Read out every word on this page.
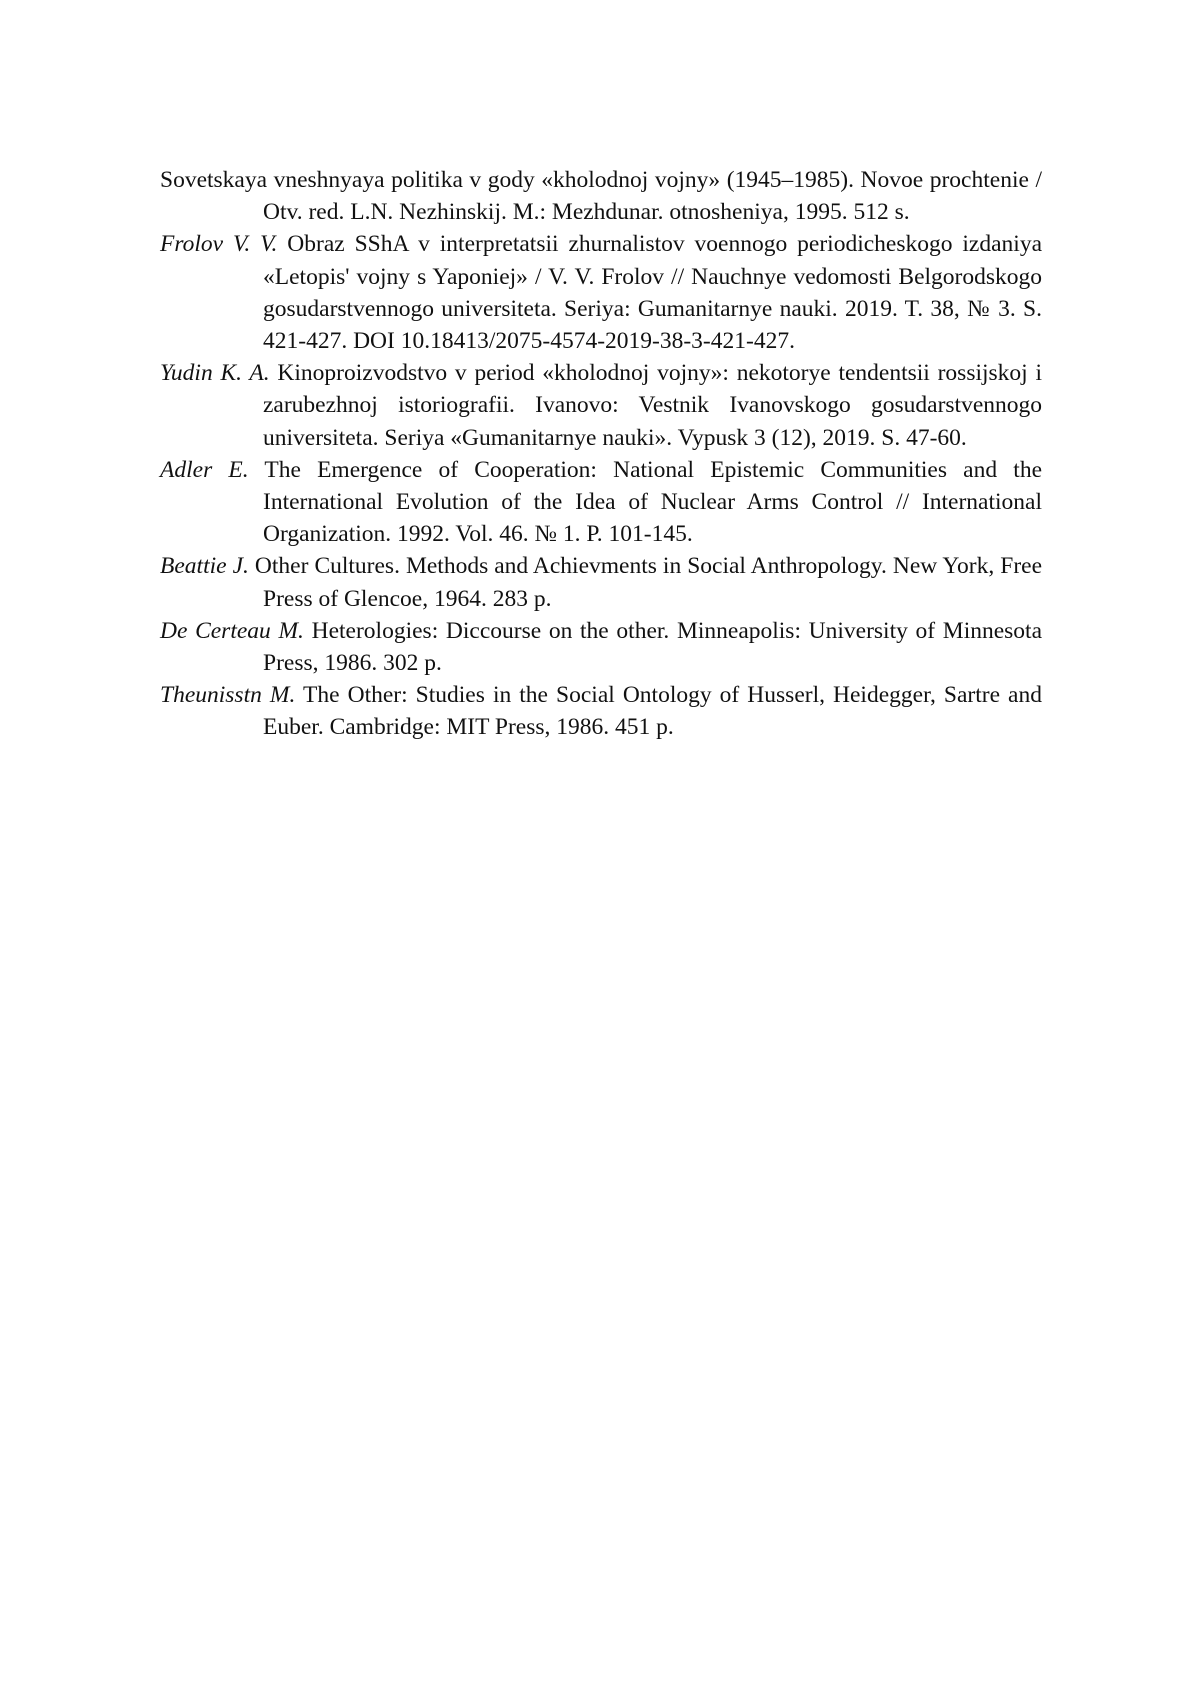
Sovetskaya vneshnyaya politika v gody «kholodnoj vojny» (1945–1985). Novoe prochtenie / Otv. red. L.N. Nezhinskij. M.: Mezhdunar. otnosheniya, 1995. 512 s.
Frolov V. V. Obraz SShA v interpretatsii zhurnalistov voennogo periodicheskogo izdaniya «Letopis' vojny s Yaponiej» / V. V. Frolov // Nauchnye vedomosti Belgorodskogo gosudarstvennogo universiteta. Seriya: Gumanitarnye nauki. 2019. T. 38, № 3. S. 421-427. DOI 10.18413/2075-4574-2019-38-3-421-427.
Yudin K. A. Kinoproizvodstvo v period «kholodnoj vojny»: nekotorye tendentsii rossijskoj i zarubezhnoj istoriografii. Ivanovo: Vestnik Ivanovskogo gosudarstvennogo universiteta. Seriya «Gumanitarnye nauki». Vypusk 3 (12), 2019. S. 47-60.
Adler E. The Emergence of Cooperation: National Epistemic Communities and the International Evolution of the Idea of Nuclear Arms Control // International Organization. 1992. Vol. 46. № 1. P. 101-145.
Beattie J. Other Cultures. Methods and Achievments in Social Anthropology. New York, Free Press of Glencoe, 1964. 283 p.
De Certeau M. Heterologies: Diccourse on the other. Minneapolis: University of Minnesota Press, 1986. 302 p.
Theunisstn M. The Other: Studies in the Social Ontology of Husserl, Heidegger, Sartre and Euber. Cambridge: MIT Press, 1986. 451 p.
